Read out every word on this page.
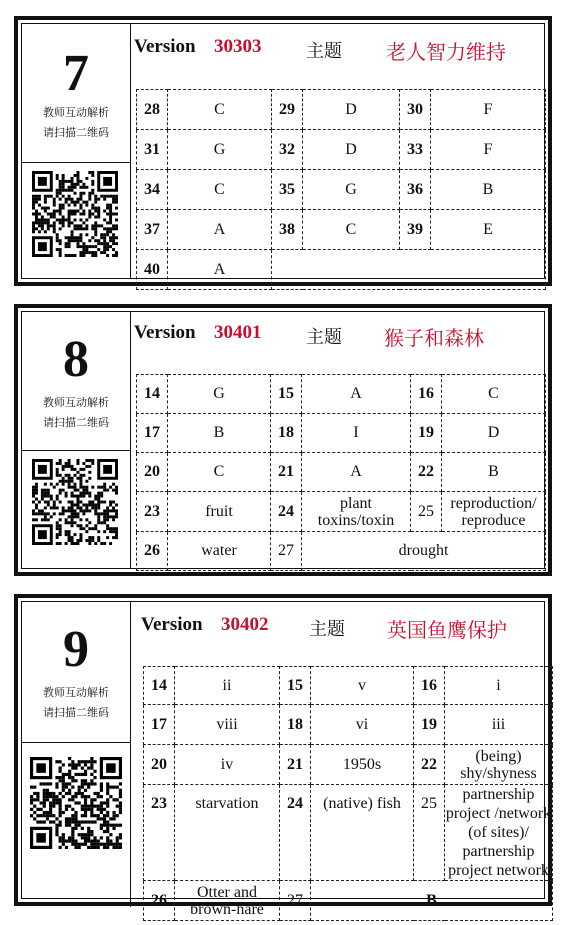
7
教师互动解析
请扫描二维码
Version 30303 主题 老人智力维持
28	C	29	D	30	F
31	G	32	D	33	F
34	C	35	G	36	B
37	A	38	C	39	E
40	A				
8
教师互动解析
请扫描二维码
Version 30401 主题 猴子和森林
14	G	15	A	16	C
17	B	18	I	19	D
20	C	21	A	22	B
23	fruit	24	plant toxins/toxin	25	reproduction/ reproduce
26	water	27	drought		
9
教师互动解析
请扫描二维码
Version 30402 主题 英国鱼鹰保护
14	ii	15	v	16	i
17	viii	18	vi	19	iii
20	iv	21	1950s	22	(being) shy/shyness
23	starvation	24	(native) fish	25	partnership project /network (of sites)/ partnership project network
26	Otter and brown-hare	27	B		
